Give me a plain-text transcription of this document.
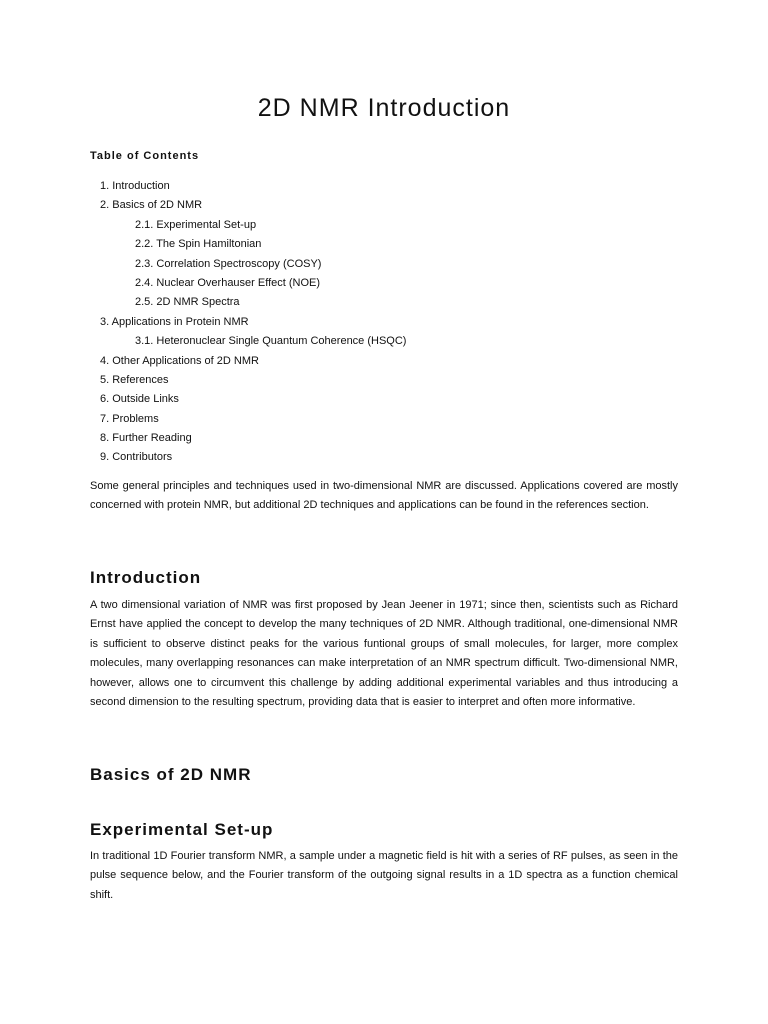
2D NMR Introduction
Table of Contents
1. Introduction
2. Basics of 2D NMR
2.1. Experimental Set-up
2.2. The Spin Hamiltonian
2.3. Correlation Spectroscopy (COSY)
2.4. Nuclear Overhauser Effect (NOE)
2.5. 2D NMR Spectra
3. Applications in Protein NMR
3.1. Heteronuclear Single Quantum Coherence (HSQC)
4. Other Applications of 2D NMR
5. References
6. Outside Links
7. Problems
8. Further Reading
9. Contributors

Some general principles and techniques used in two-dimensional NMR are discussed. Applications covered are mostly concerned with protein NMR, but additional 2D techniques and applications can be found in the references section.

Introduction

A two dimensional variation of NMR was first proposed by Jean Jeener in 1971; since then, scientists such as Richard Ernst have applied the concept to develop the many techniques of 2D NMR. Although traditional, one-dimensional NMR is sufficient to observe distinct peaks for the various funtional groups of small molecules, for larger, more complex molecules, many overlapping resonances can make interpretation of an NMR spectrum difficult. Two-dimensional NMR, however, allows one to circumvent this challenge by adding additional experimental variables and thus introducing a second dimension to the resulting spectrum, providing data that is easier to interpret and often more informative.

Basics of 2D NMR
Experimental Set-up

In traditional 1D Fourier transform NMR, a sample under a magnetic field is hit with a series of RF pulses, as seen in the pulse sequence below, and the Fourier transform of the outgoing signal results in a 1D spectra as a function chemical shift.
